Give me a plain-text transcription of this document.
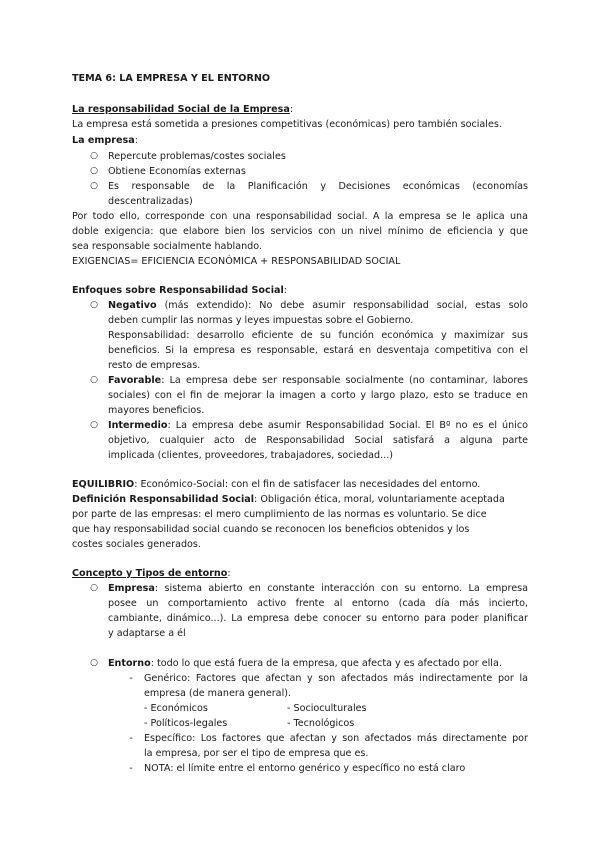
TEMA 6: LA EMPRESA Y EL ENTORNO
La responsabilidad Social de la Empresa:
La empresa está sometida a presiones competitivas (económicas) pero también sociales.
La empresa:
○ Repercute problemas/costes sociales
○ Obtiene Economías externas
○ Es responsable de la Planificación y Decisiones económicas (economías
descentralizadas)
Por todo ello, corresponde con una responsabilidad social. A la empresa se le aplica una
doble exigencia: que elabore bien los servicios con un nivel mínimo de eficiencia y que
sea responsable socialmente hablando.
EXIGENCIAS= EFICIENCIA ECONÓMICA + RESPONSABILIDAD SOCIAL
Enfoques sobre Responsabilidad Social:
○ Negativo (más extendido): No debe asumir responsabilidad social, estas solo
deben cumplir las normas y leyes impuestas sobre el Gobierno.
Responsabilidad: desarrollo eficiente de su función económica y maximizar sus
beneficios. Si la empresa es responsable, estará en desventaja competitiva con el
resto de empresas.
○ Favorable: La empresa debe ser responsable socialmente (no contaminar, labores
sociales) con el fin de mejorar la imagen a corto y largo plazo, esto se traduce en
mayores beneficios.
○ Intermedio: La empresa debe asumir Responsabilidad Social. El Bº no es el único
objetivo, cualquier acto de Responsabilidad Social satisfará a alguna parte
implicada (clientes, proveedores, trabajadores, sociedad...)
EQUILIBRIO: Económico-Social: con el fin de satisfacer las necesidades del entorno.
Definición Responsabilidad Social: Obligación ética, moral, voluntariamente aceptada
por parte de las empresas: el mero cumplimiento de las normas es voluntario. Se dice
que hay responsabilidad social cuando se reconocen los beneficios obtenidos y los
costes sociales generados.
Concepto y Tipos de entorno:
○ Empresa: sistema abierto en constante interacción con su entorno. La empresa
posee un comportamiento activo frente al entorno (cada día más incierto,
cambiante, dinámico...). La empresa debe conocer su entorno para poder planificar
y adaptarse a él
○ Entorno: todo lo que está fuera de la empresa, que afecta y es afectado por ella.
-	Genérico: Factores que afectan y son afectados más indirectamente por la
empresa (de manera general).
- Económicos	- Socioculturales
- Políticos-legales	- Tecnológicos
-	Específico: Los factores que afectan y son afectados más directamente por
la empresa, por ser el tipo de empresa que es.
-	NOTA: el límite entre el entorno genérico y específico no está claro
